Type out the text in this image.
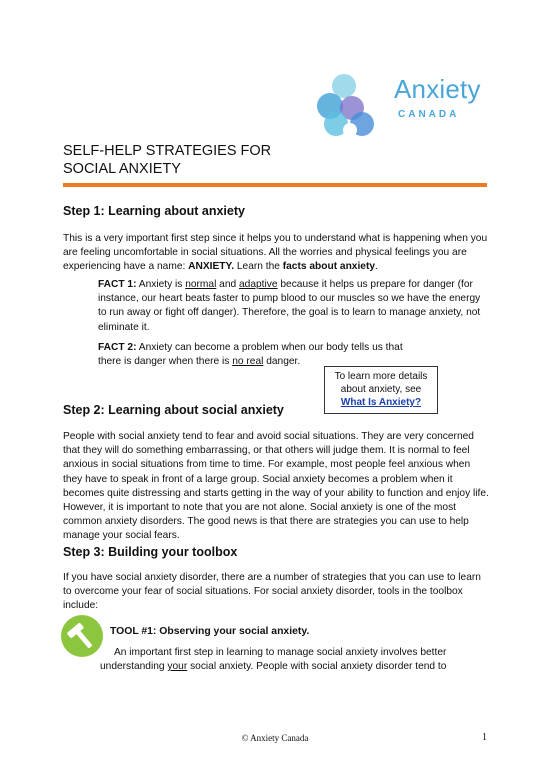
Anxiety
CANADA
SELF-HELP STRATEGIES FOR
SOCIAL ANXIETY
Step 1: Learning about anxiety

This is a very important first step since it helps you to understand what is happening when you are feeling uncomfortable in social situations. All the worries and physical feelings you are experiencing have a name: ANXIETY. Learn the facts about anxiety.

FACT 1: Anxiety is normal and adaptive because it helps us prepare for danger (for instance, our heart beats faster to pump blood to our muscles so we have the energy to run away or fight off danger). Therefore, the goal is to learn to manage anxiety, not eliminate it.

FACT 2: Anxiety can become a problem when our body tells us that there is danger when there is no real danger.

To learn more details about anxiety, see
What Is Anxiety?
Step 2: Learning about social anxiety

People with social anxiety tend to fear and avoid social situations. They are very concerned that they will do something embarrassing, or that others will judge them. It is normal to feel anxious in social situations from time to time. For example, most people feel anxious when they have to speak in front of a large group. Social anxiety becomes a problem when it becomes quite distressing and starts getting in the way of your ability to function and enjoy life. However, it is important to note that you are not alone. Social anxiety is one of the most common anxiety disorders. The good news is that there are strategies you can use to help manage your social fears.

Step 3: Building your toolbox

If you have social anxiety disorder, there are a number of strategies that you can use to learn to overcome your fear of social situations. For social anxiety disorder, tools in the toolbox include:

TOOL #1: Observing your social anxiety.

An important first step in learning to manage social anxiety involves better understanding your social anxiety. People with social anxiety disorder tend to

© Anxiety Canada	1
